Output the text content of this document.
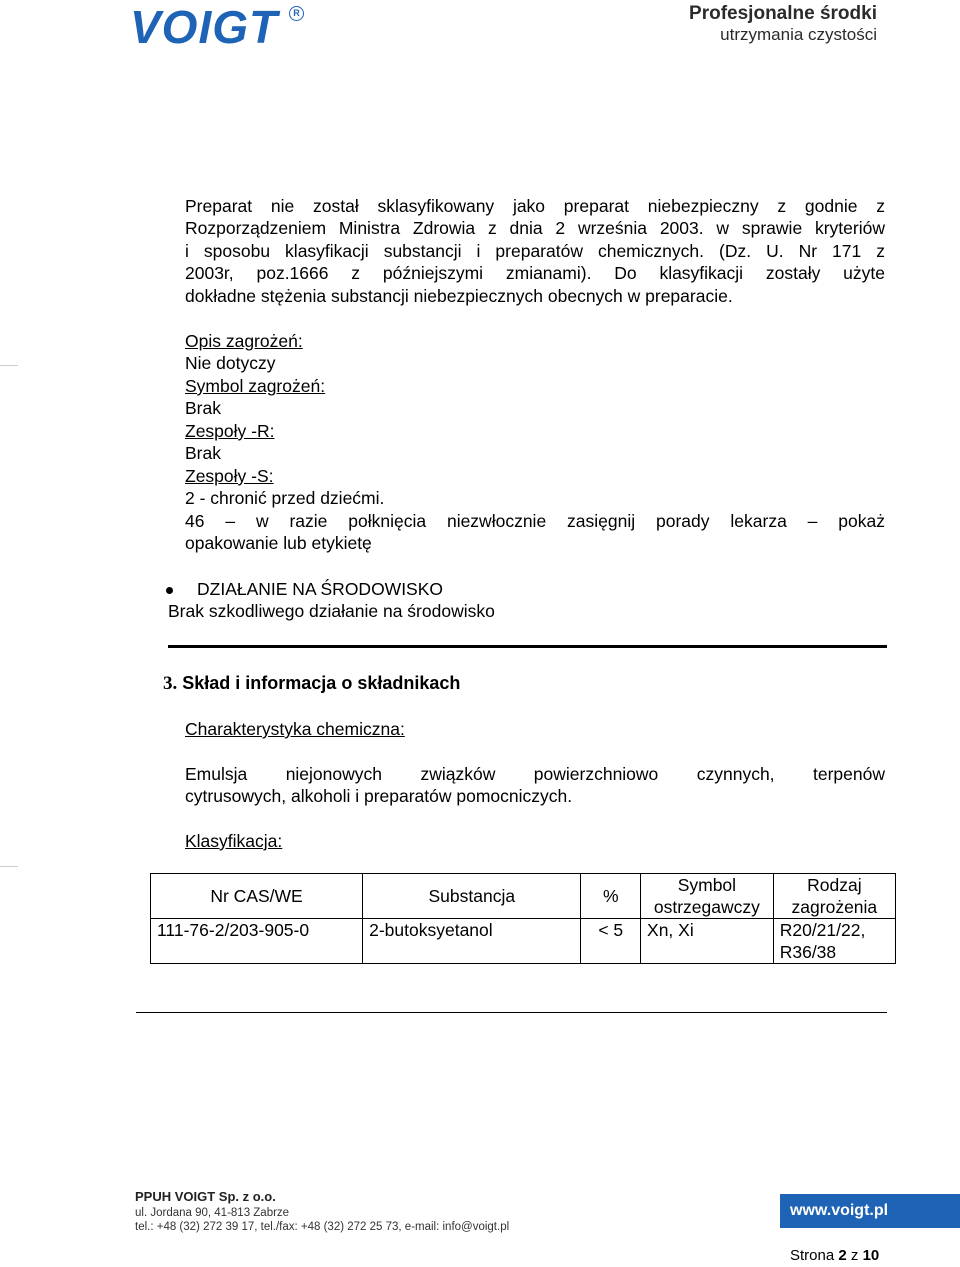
VOIGT	R	Profesjonalne środki
utrzymania czystości
Preparat nie został sklasyfikowany jako preparat niebezpieczny z godnie z
Rozporządzeniem Ministra Zdrowia z dnia 2 września 2003. w sprawie kryteriów
i sposobu klasyfikacji substancji i preparatów chemicznych. (Dz. U. Nr 171 z
2003r, poz.1666 z późniejszymi zmianami). Do klasyfikacji zostały użyte
dokładne stężenia substancji niebezpiecznych obecnych w preparacie.
Opis zagrożeń:
Nie dotyczy
Symbol zagrożeń:
Brak
Zespoły -R:
Brak
Zespoły -S:
2 - chronić przed dziećmi.
46 – w razie połknięcia niezwłocznie zasięgnij porady lekarza – pokaż
opakowanie lub etykietę
DZIAŁANIE NA ŚRODOWISKO
Brak szkodliwego działanie na środowisko
3. Skład i informacja o składnikach
Charakterystyka chemiczna:
Emulsja niejonowych związków powierzchniowo czynnych, terpenów
cytrusowych, alkoholi i preparatów pomocniczych.
Klasyfikacja:
Nr CAS/WE	Substancja	%	Symbol ostrzegawczy	Rodzaj zagrożenia
111-76-2/203-905-0	2-butoksyetanol	< 5	Xn, Xi	R20/21/22, R36/38
PPUH VOIGT Sp. z o.o.
ul. Jordana 90, 41-813 Zabrze
tel.: +48 (32) 272 39 17, tel./fax: +48 (32) 272 25 73, e-mail: info@voigt.pl
www.voigt.pl
Strona 2 z 10
